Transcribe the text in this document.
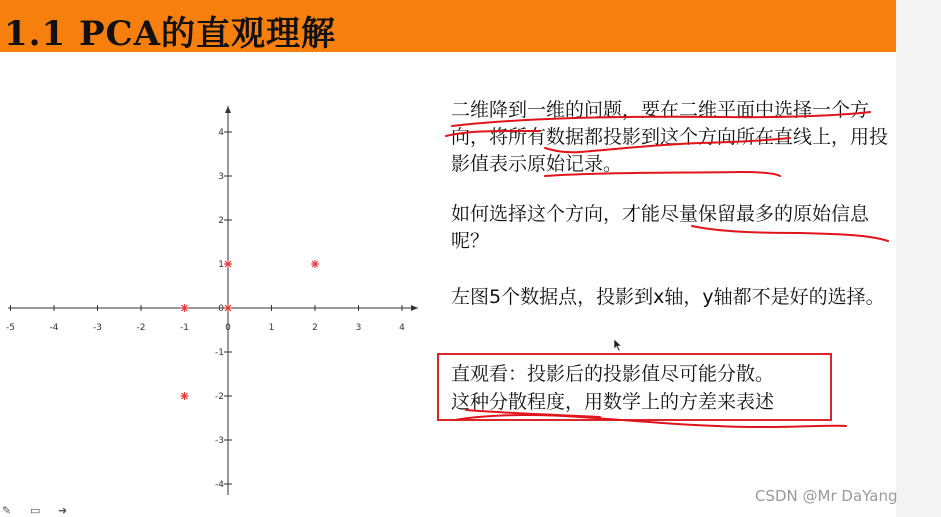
1.1 PCA的直观理解
-5	-4	-3	-2	-1	0	1	2	3	4
4
3
2
1
0
-1
-2
-3
-4

二维降到一维的问题，要在二维平面中选择一个方向，将所有数据都投影到这个方向所在直线上，用投影值表示原始记录。

如何选择这个方向，才能尽量保留最多的原始信息呢？

左图5个数据点，投影到x轴，y轴都不是好的选择。

直观看：投影后的投影值尽可能分散。
这种分散程度，用数学上的方差来表述
CSDN @Mr DaYang
✎ ▭ ➜
